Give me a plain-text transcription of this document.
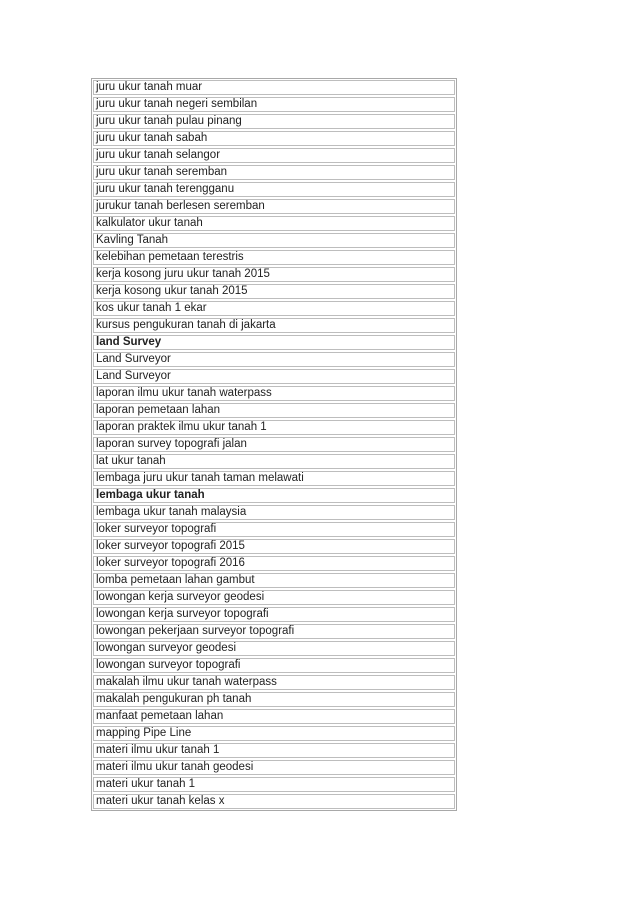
juru ukur tanah muar
juru ukur tanah negeri sembilan
juru ukur tanah pulau pinang
juru ukur tanah sabah
juru ukur tanah selangor
juru ukur tanah seremban
juru ukur tanah terengganu
jurukur tanah berlesen seremban
kalkulator ukur tanah
Kavling Tanah
kelebihan pemetaan terestris
kerja kosong juru ukur tanah 2015
kerja kosong ukur tanah 2015
kos ukur tanah 1 ekar
kursus pengukuran tanah di jakarta
land Survey
Land Surveyor
Land Surveyor
laporan ilmu ukur tanah waterpass
laporan pemetaan lahan
laporan praktek ilmu ukur tanah 1
laporan survey topografi jalan
lat ukur tanah
lembaga juru ukur tanah taman melawati
lembaga ukur tanah
lembaga ukur tanah malaysia
loker surveyor topografi
loker surveyor topografi 2015
loker surveyor topografi 2016
lomba pemetaan lahan gambut
lowongan kerja surveyor geodesi
lowongan kerja surveyor topografi
lowongan pekerjaan surveyor topografi
lowongan surveyor geodesi
lowongan surveyor topografi
makalah ilmu ukur tanah waterpass
makalah pengukuran ph tanah
manfaat pemetaan lahan
mapping Pipe Line
materi ilmu ukur tanah 1
materi ilmu ukur tanah geodesi
materi ukur tanah 1
materi ukur tanah kelas x
